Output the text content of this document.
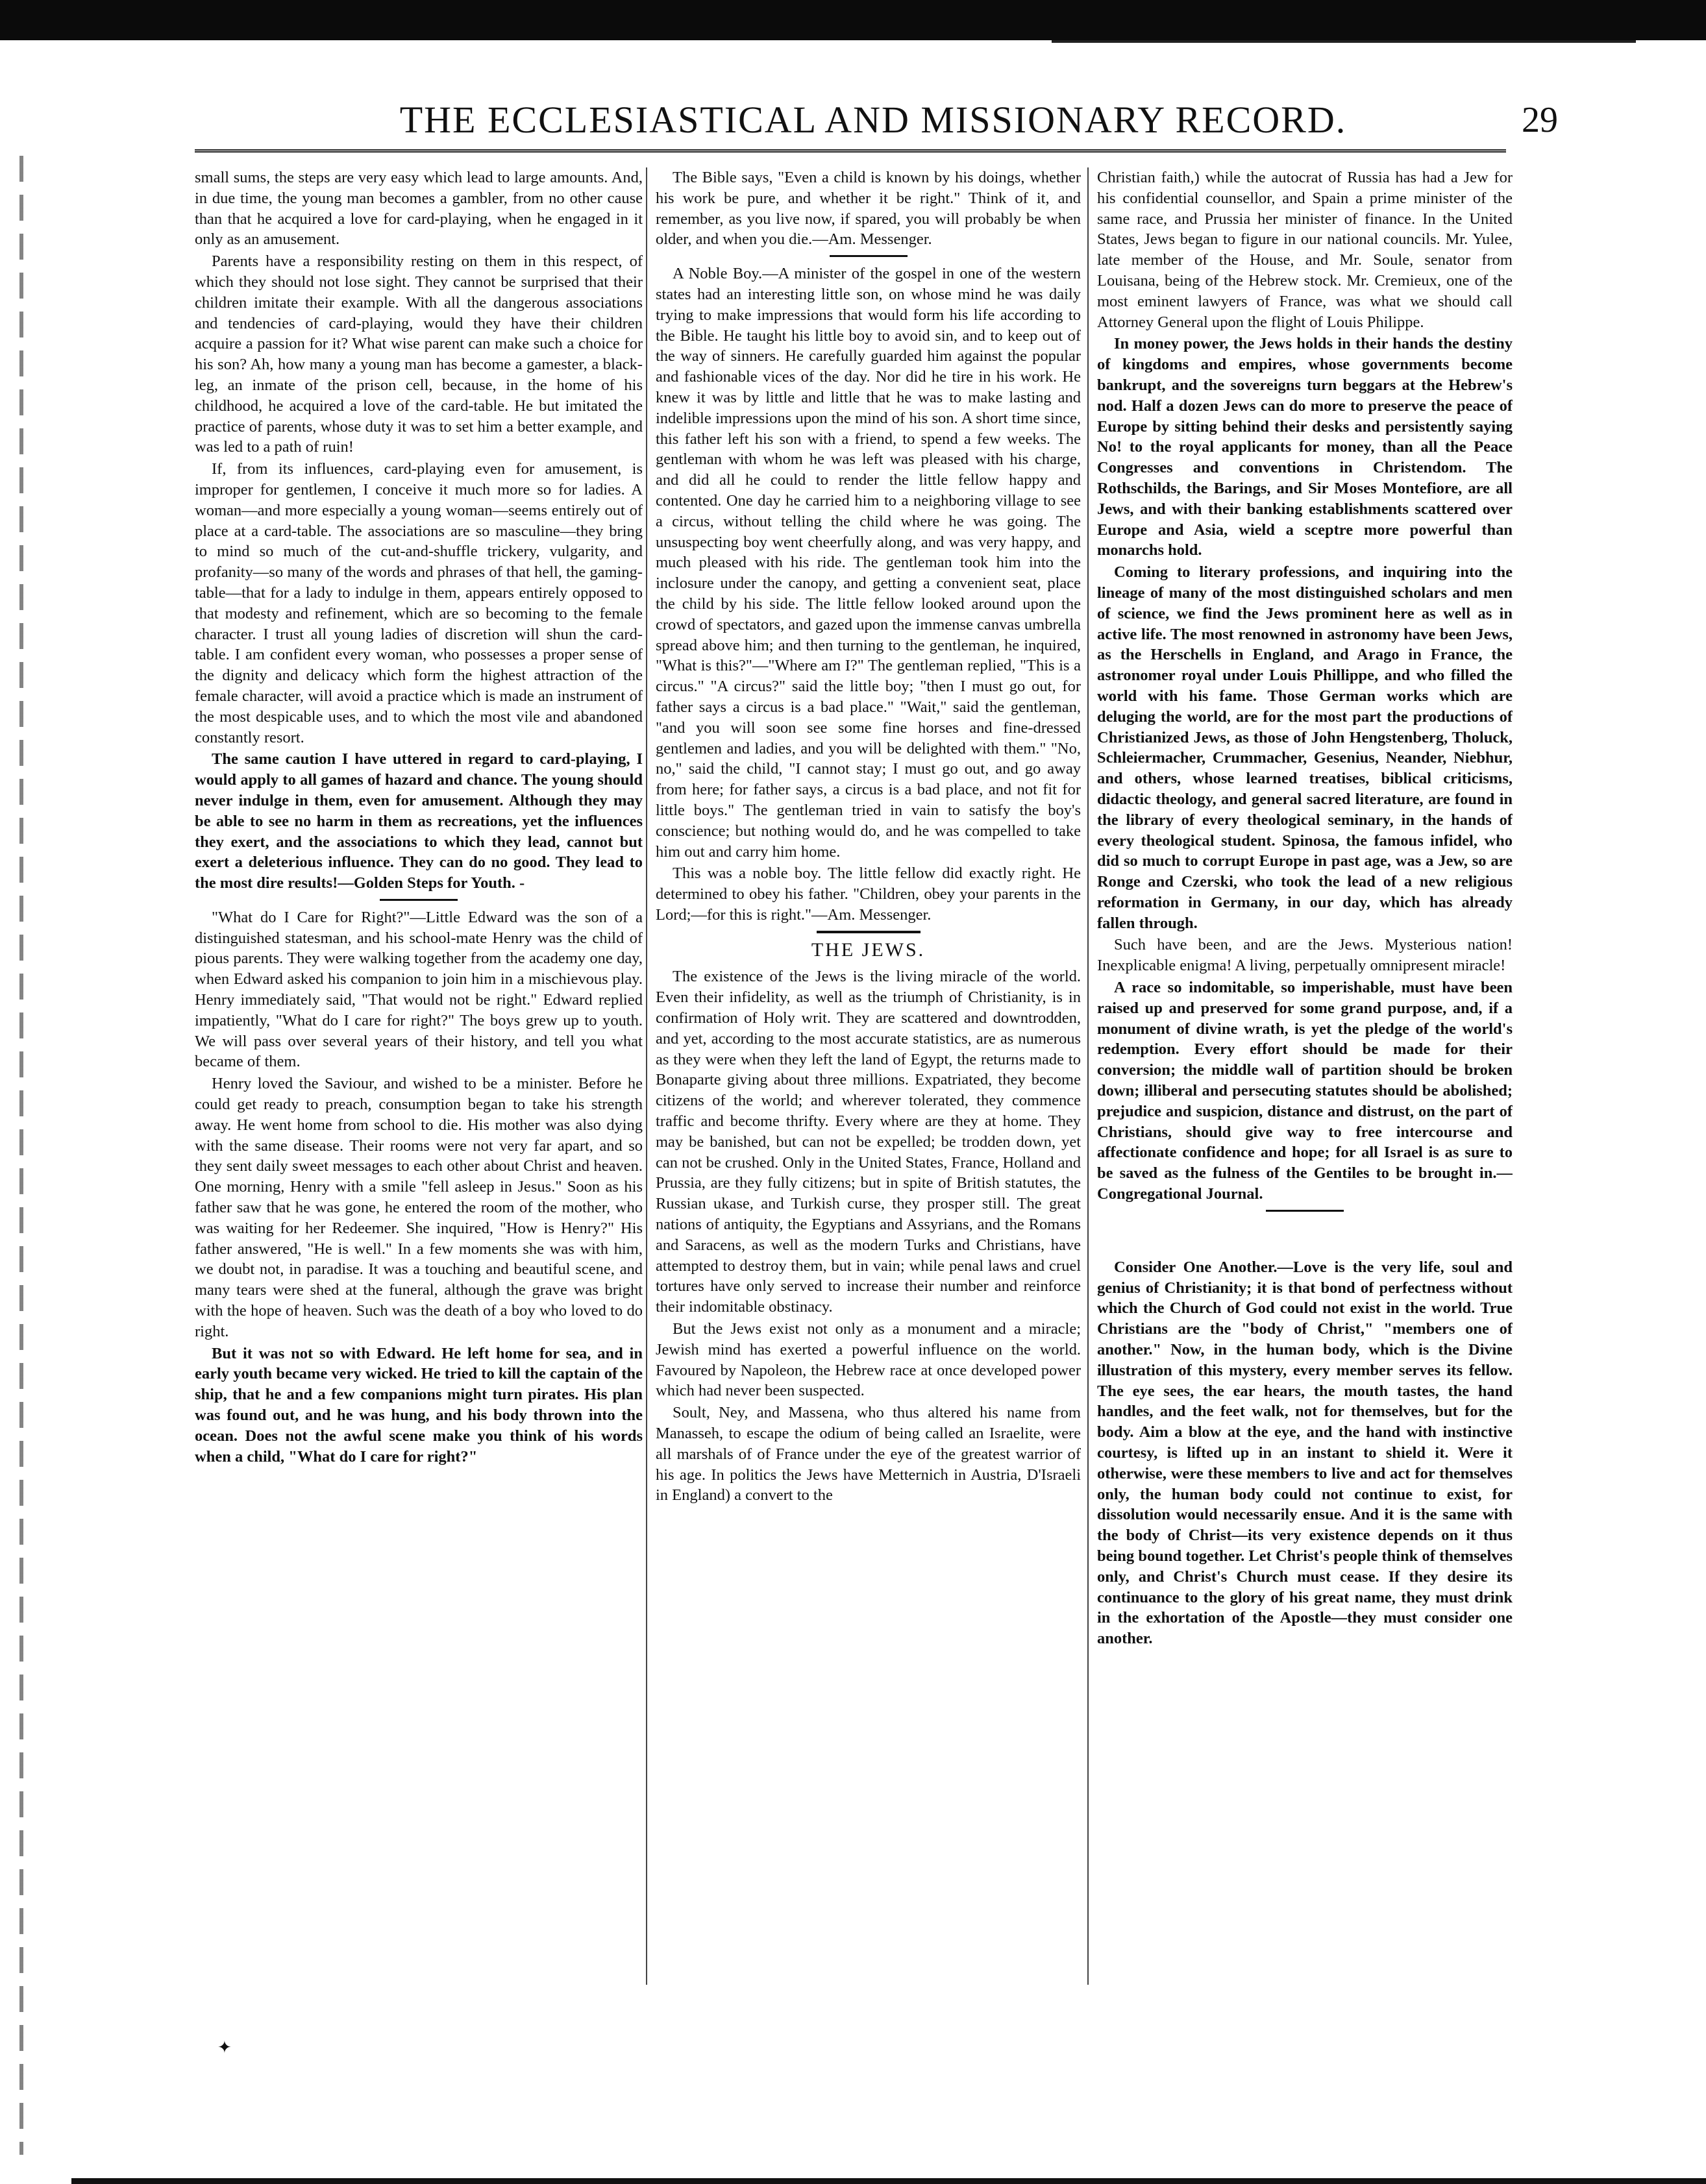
THE ECCLESIASTICAL AND MISSIONARY RECORD.	29

small sums, the steps are very easy which lead to large amounts. And, in due time, the young man becomes a gambler, from no other cause than that he acquired a love for card-playing, when he engaged in it only as an amusement.

Parents have a responsibility resting on them in this respect, of which they should not lose sight. They cannot be surprised that their children imitate their example. With all the dangerous associations and tendencies of card-playing, would they have their children acquire a passion for it? What wise parent can make such a choice for his son? Ah, how many a young man has become a gamester, a black-leg, an inmate of the prison cell, because, in the home of his childhood, he acquired a love of the card-table. He but imitated the practice of parents, whose duty it was to set him a better example, and was led to a path of ruin!

If, from its influences, card-playing even for amusement, is improper for gentlemen, I conceive it much more so for ladies. A woman—and more especially a young woman—seems entirely out of place at a card-table. The associations are so masculine—they bring to mind so much of the cut-and-shuffle trickery, vulgarity, and profanity—so many of the words and phrases of that hell, the gaming-table—that for a lady to indulge in them, appears entirely opposed to that modesty and refinement, which are so becoming to the female character. I trust all young ladies of discretion will shun the card-table. I am confident every woman, who possesses a proper sense of the dignity and delicacy which form the highest attraction of the female character, will avoid a practice which is made an instrument of the most despicable uses, and to which the most vile and abandoned constantly resort.

The same caution I have uttered in regard to card-playing, I would apply to all games of hazard and chance. The young should never indulge in them, even for amusement. Although they may be able to see no harm in them as recreations, yet the influences they exert, and the associations to which they lead, cannot but exert a deleterious influence. They can do no good. They lead to the most dire results!—Golden Steps for Youth. -

"What do I Care for Right?"—Little Edward was the son of a distinguished statesman, and his school-mate Henry was the child of pious parents. They were walking together from the academy one day, when Edward asked his companion to join him in a mischievous play. Henry immediately said, "That would not be right." Edward replied impatiently, "What do I care for right?" The boys grew up to youth. We will pass over several years of their history, and tell you what became of them.

Henry loved the Saviour, and wished to be a minister. Before he could get ready to preach, consumption began to take his strength away. He went home from school to die. His mother was also dying with the same disease. Their rooms were not very far apart, and so they sent daily sweet messages to each other about Christ and heaven. One morning, Henry with a smile "fell asleep in Jesus." Soon as his father saw that he was gone, he entered the room of the mother, who was waiting for her Redeemer. She inquired, "How is Henry?" His father answered, "He is well." In a few moments she was with him, we doubt not, in paradise. It was a touching and beautiful scene, and many tears were shed at the funeral, although the grave was bright with the hope of heaven. Such was the death of a boy who loved to do right.

But it was not so with Edward. He left home for sea, and in early youth became very wicked. He tried to kill the captain of the ship, that he and a few companions might turn pirates. His plan was found out, and he was hung, and his body thrown into the ocean. Does not the awful scene make you think of his words when a child, "What do I care for right?"

The Bible says, "Even a child is known by his doings, whether his work be pure, and whether it be right." Think of it, and remember, as you live now, if spared, you will probably be when older, and when you die.—Am. Messenger.

A Noble Boy.—A minister of the gospel in one of the western states had an interesting little son, on whose mind he was daily trying to make impressions that would form his life according to the Bible. He taught his little boy to avoid sin, and to keep out of the way of sinners. He carefully guarded him against the popular and fashionable vices of the day. Nor did he tire in his work. He knew it was by little and little that he was to make lasting and indelible impressions upon the mind of his son. A short time since, this father left his son with a friend, to spend a few weeks. The gentleman with whom he was left was pleased with his charge, and did all he could to render the little fellow happy and contented. One day he carried him to a neighboring village to see a circus, without telling the child where he was going. The unsuspecting boy went cheerfully along, and was very happy, and much pleased with his ride. The gentleman took him into the inclosure under the canopy, and getting a convenient seat, place the child by his side. The little fellow looked around upon the crowd of spectators, and gazed upon the immense canvas umbrella spread above him; and then turning to the gentleman, he inquired, "What is this?"—"Where am I?" The gentleman replied, "This is a circus." "A circus?" said the little boy; "then I must go out, for father says a circus is a bad place." "Wait," said the gentleman, "and you will soon see some fine horses and fine-dressed gentlemen and ladies, and you will be delighted with them." "No, no," said the child, "I cannot stay; I must go out, and go away from here; for father says, a circus is a bad place, and not fit for little boys." The gentleman tried in vain to satisfy the boy's conscience; but nothing would do, and he was compelled to take him out and carry him home.

This was a noble boy. The little fellow did exactly right. He determined to obey his father. "Children, obey your parents in the Lord;—for this is right."—Am. Messenger.

THE JEWS.

The existence of the Jews is the living miracle of the world. Even their infidelity, as well as the triumph of Christianity, is in confirmation of Holy writ. They are scattered and downtrodden, and yet, according to the most accurate statistics, are as numerous as they were when they left the land of Egypt, the returns made to Bonaparte giving about three millions. Expatriated, they become citizens of the world; and wherever tolerated, they commence traffic and become thrifty. Every where are they at home. They may be banished, but can not be expelled; be trodden down, yet can not be crushed. Only in the United States, France, Holland and Prussia, are they fully citizens; but in spite of British statutes, the Russian ukase, and Turkish curse, they prosper still. The great nations of antiquity, the Egyptians and Assyrians, and the Romans and Saracens, as well as the modern Turks and Christians, have attempted to destroy them, but in vain; while penal laws and cruel tortures have only served to increase their number and reinforce their indomitable obstinacy.

But the Jews exist not only as a monument and a miracle; Jewish mind has exerted a powerful influence on the world. Favoured by Napoleon, the Hebrew race at once developed power which had never been suspected.

Soult, Ney, and Massena, who thus altered his name from Manasseh, to escape the odium of being called an Israelite, were all marshals of of France under the eye of the greatest warrior of his age. In politics the Jews have Metternich in Austria, D'Israeli in England) a convert to the

Christian faith,) while the autocrat of Russia has had a Jew for his confidential counsellor, and Spain a prime minister of the same race, and Prussia her minister of finance. In the United States, Jews began to figure in our national councils. Mr. Yulee, late member of the House, and Mr. Soule, senator from Louisana, being of the Hebrew stock. Mr. Cremieux, one of the most eminent lawyers of France, was what we should call Attorney General upon the flight of Louis Philippe.

In money power, the Jews holds in their hands the destiny of kingdoms and empires, whose governments become bankrupt, and the sovereigns turn beggars at the Hebrew's nod. Half a dozen Jews can do more to preserve the peace of Europe by sitting behind their desks and persistently saying No! to the royal applicants for money, than all the Peace Congresses and conventions in Christendom. The Rothschilds, the Barings, and Sir Moses Montefiore, are all Jews, and with their banking establishments scattered over Europe and Asia, wield a sceptre more powerful than monarchs hold.

Coming to literary professions, and inquiring into the lineage of many of the most distinguished scholars and men of science, we find the Jews prominent here as well as in active life. The most renowned in astronomy have been Jews, as the Herschells in England, and Arago in France, the astronomer royal under Louis Phillippe, and who filled the world with his fame. Those German works which are deluging the world, are for the most part the productions of Christianized Jews, as those of John Hengstenberg, Tholuck, Schleiermacher, Crummacher, Gesenius, Neander, Niebhur, and others, whose learned treatises, biblical criticisms, didactic theology, and general sacred literature, are found in the library of every theological seminary, in the hands of every theological student. Spinosa, the famous infidel, who did so much to corrupt Europe in past age, was a Jew, so are Ronge and Czerski, who took the lead of a new religious reformation in Germany, in our day, which has already fallen through.

Such have been, and are the Jews. Mysterious nation! Inexplicable enigma! A living, perpetually omnipresent miracle!

A race so indomitable, so imperishable, must have been raised up and preserved for some grand purpose, and, if a monument of divine wrath, is yet the pledge of the world's redemption. Every effort should be made for their conversion; the middle wall of partition should be broken down; illiberal and persecuting statutes should be abolished; prejudice and suspicion, distance and distrust, on the part of Christians, should give way to free intercourse and affectionate confidence and hope; for all Israel is as sure to be saved as the fulness of the Gentiles to be brought in.—Congregational Journal.

Consider One Another.—Love is the very life, soul and genius of Christianity; it is that bond of perfectness without which the Church of God could not exist in the world. True Christians are the "body of Christ," "members one of another." Now, in the human body, which is the Divine illustration of this mystery, every member serves its fellow. The eye sees, the ear hears, the mouth tastes, the hand handles, and the feet walk, not for themselves, but for the body. Aim a blow at the eye, and the hand with instinctive courtesy, is lifted up in an instant to shield it. Were it otherwise, were these members to live and act for themselves only, the human body could not continue to exist, for dissolution would necessarily ensue. And it is the same with the body of Christ—its very existence depends on it thus being bound together. Let Christ's people think of themselves only, and Christ's Church must cease. If they desire its continuance to the glory of his great name, they must drink in the exhortation of the Apostle—they must consider one another.

✦
